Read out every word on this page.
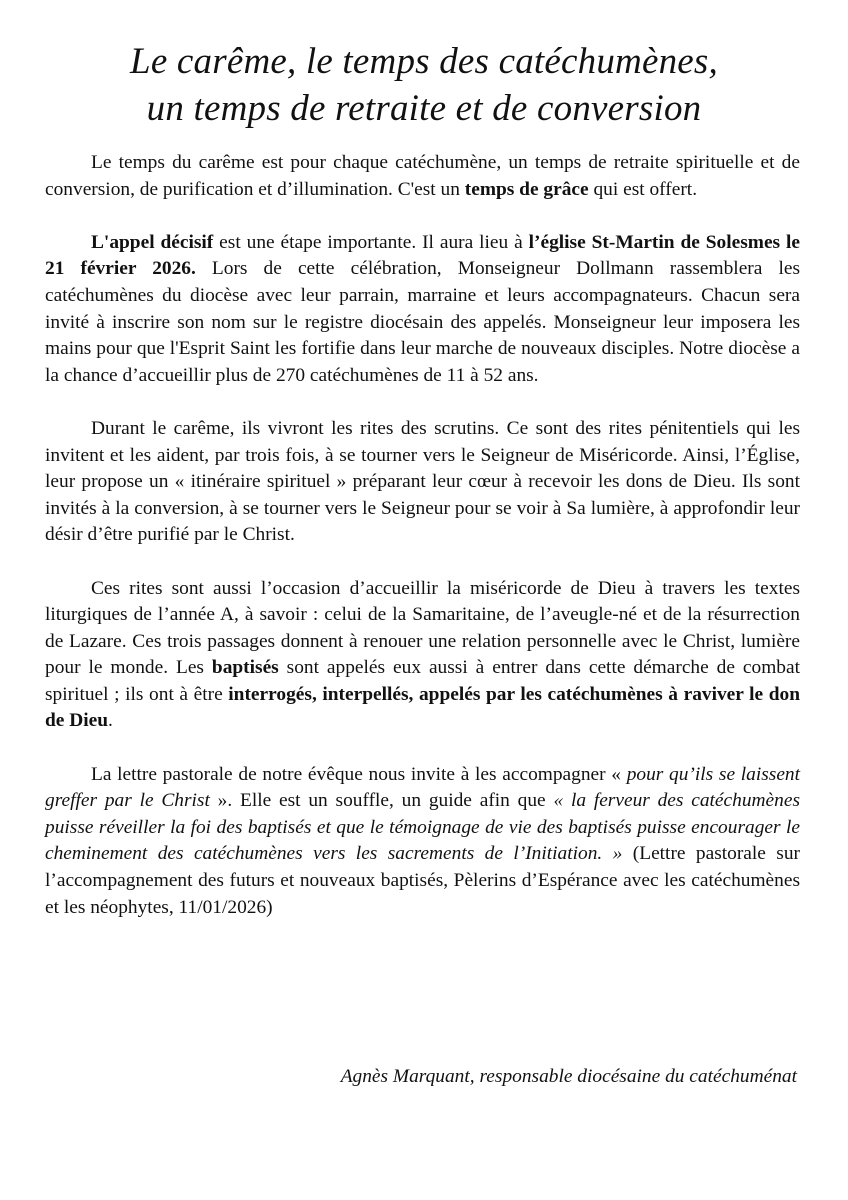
Le carême, le temps des catéchumènes,
un temps de retraite et de conversion

Le temps du carême est pour chaque catéchumène, un temps de retraite spirituelle et de conversion, de purification et d’illumination. C'est un temps de grâce qui est offert.

L'appel décisif est une étape importante. Il aura lieu à l’église St-Martin de Solesmes le 21 février 2026. Lors de cette célébration, Monseigneur Dollmann rassemblera les catéchumènes du diocèse avec leur parrain, marraine et leurs accompagnateurs. Chacun sera invité à inscrire son nom sur le registre diocésain des appelés. Monseigneur leur imposera les mains pour que l'Esprit Saint les fortifie dans leur marche de nouveaux disciples. Notre diocèse a la chance d’accueillir plus de 270 catéchumènes de 11 à 52 ans.

Durant le carême, ils vivront les rites des scrutins. Ce sont des rites pénitentiels qui les invitent et les aident, par trois fois, à se tourner vers le Seigneur de Miséricorde. Ainsi, l’Église, leur propose un « itinéraire spirituel » préparant leur cœur à recevoir les dons de Dieu. Ils sont invités à la conversion, à se tourner vers le Seigneur pour se voir à Sa lumière, à approfondir leur désir d’être purifié par le Christ.

Ces rites sont aussi l’occasion d’accueillir la miséricorde de Dieu à travers les textes liturgiques de l’année A, à savoir : celui de la Samaritaine, de l’aveugle-né et de la résurrection de Lazare. Ces trois passages donnent à renouer une relation personnelle avec le Christ, lumière pour le monde. Les baptisés sont appelés eux aussi à entrer dans cette démarche de combat spirituel ; ils ont à être interrogés, interpellés, appelés par les catéchumènes à raviver le don de Dieu.

La lettre pastorale de notre évêque nous invite à les accompagner « pour qu’ils se laissent greffer par le Christ ». Elle est un souffle, un guide afin que « la ferveur des catéchumènes puisse réveiller la foi des baptisés et que le témoignage de vie des baptisés puisse encourager le cheminement des catéchumènes vers les sacrements de l’Initiation. » (Lettre pastorale sur l’accompagnement des futurs et nouveaux baptisés, Pèlerins d’Espérance avec les catéchumènes et les néophytes, 11/01/2026)

Agnès Marquant, responsable diocésaine du catéchuménat
